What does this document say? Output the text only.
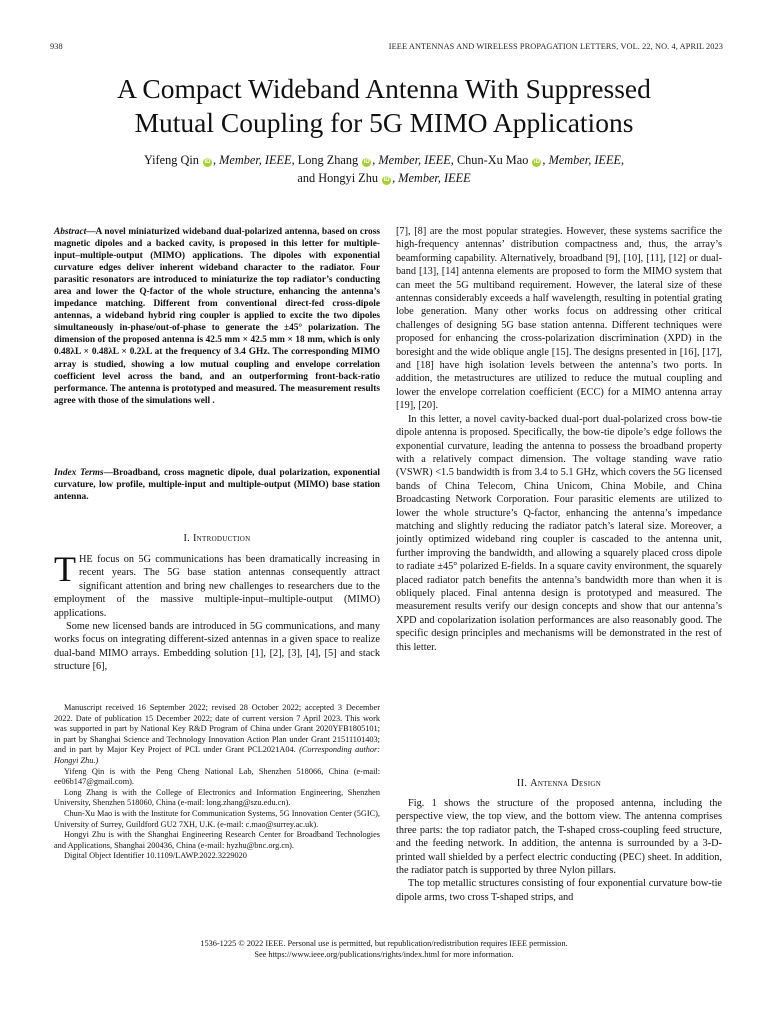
938	IEEE ANTENNAS AND WIRELESS PROPAGATION LETTERS, VOL. 22, NO. 4, APRIL 2023
A Compact Wideband Antenna With Suppressed
Mutual Coupling for 5G MIMO Applications
Yifeng Qin iD , Member, IEEE, Long Zhang iD , Member, IEEE, Chun-Xu Mao iD , Member, IEEE,
and Hongyi Zhu iD , Member, IEEE
Abstract—A novel miniaturized wideband dual-polarized antenna, based on cross magnetic dipoles and a backed cavity, is proposed in this letter for multiple-input–multiple-output (MIMO) applications. The dipoles with exponential curvature edges deliver inherent wideband character to the radiator. Four parasitic resonators are introduced to miniaturize the top radiator’s conducting area and lower the Q-factor of the whole structure, enhancing the antenna’s impedance matching. Different from conventional direct-fed cross-dipole antennas, a wideband hybrid ring coupler is applied to excite the two dipoles simultaneously in-phase/out-of-phase to generate the ±45° polarization. The dimension of the proposed antenna is 42.5 mm × 42.5 mm × 18 mm, which is only 0.48λL × 0.48λL × 0.2λL at the frequency of 3.4 GHz. The corresponding MIMO array is studied, showing a low mutual coupling and envelope correlation coefficient level across the band, and an outperforming front-back-ratio performance. The antenna is prototyped and measured. The measurement results agree with those of the simulations well .
Index Terms—Broadband, cross magnetic dipole, dual polarization, exponential curvature, low profile, multiple-input and multiple-output (MIMO) base station antenna.
I. Introduction

THE focus on 5G communications has been dramatically increasing in recent years. The 5G base station antennas consequently attract significant attention and bring new challenges to researchers due to the employment of the massive multiple-input–multiple-output (MIMO) applications.

Some new licensed bands are introduced in 5G communications, and many works focus on integrating different-sized antennas in a given space to realize dual-band MIMO arrays. Embedding solution [1], [2], [3], [4], [5] and stack structure [6],

Manuscript received 16 September 2022; revised 28 October 2022; accepted 3 December 2022. Date of publication 15 December 2022; date of current version 7 April 2023. This work was supported in part by National Key R&D Program of China under Grant 2020YFB1805101; in part by Shanghai Science and Technology Innovation Action Plan under Grant 21511101403; and in part by Major Key Project of PCL under Grant PCL2021A04. (Corresponding author: Hongyi Zhu.)

Yifeng Qin is with the Peng Cheng National Lab, Shenzhen 518066, China (e-mail: ee06b147@gmail.com).

Long Zhang is with the College of Electronics and Information Engineering, Shenzhen University, Shenzhen 518060, China (e-mail: long.zhang@szu.edu.cn).

Chun-Xu Mao is with the Institute for Communication Systems, 5G Innovation Center (5GIC), University of Surrey, Guildford GU2 7XH, U.K. (e-mail: c.mao@surrey.ac.uk).

Hongyi Zhu is with the Shanghai Engineering Research Center for Broadband Technologies and Applications, Shanghai 200436, China (e-mail: hyzhu@bnc.org.cn).

Digital Object Identifier 10.1109/LAWP.2022.3229020

[7], [8] are the most popular strategies. However, these systems sacrifice the high-frequency antennas’ distribution compactness and, thus, the array’s beamforming capability. Alternatively, broadband [9], [10], [11], [12] or dual-band [13], [14] antenna elements are proposed to form the MIMO system that can meet the 5G multiband requirement. However, the lateral size of these antennas considerably exceeds a half wavelength, resulting in potential grating lobe generation. Many other works focus on addressing other critical challenges of designing 5G base station antenna. Different techniques were proposed for enhancing the cross-polarization discrimination (XPD) in the boresight and the wide oblique angle [15]. The designs presented in [16], [17], and [18] have high isolation levels between the antenna’s two ports. In addition, the metastructures are utilized to reduce the mutual coupling and lower the envelope correlation coefficient (ECC) for a MIMO antenna array [19], [20].

In this letter, a novel cavity-backed dual-port dual-polarized cross bow-tie dipole antenna is proposed. Specifically, the bow-tie dipole’s edge follows the exponential curvature, leading the antenna to possess the broadband property with a relatively compact dimension. The voltage standing wave ratio (VSWR) <1.5 bandwidth is from 3.4 to 5.1 GHz, which covers the 5G licensed bands of China Telecom, China Unicom, China Mobile, and China Broadcasting Network Corporation. Four parasitic elements are utilized to lower the whole structure’s Q-factor, enhancing the antenna’s impedance matching and slightly reducing the radiator patch’s lateral size. Moreover, a jointly optimized wideband ring coupler is cascaded to the antenna unit, further improving the bandwidth, and allowing a squarely placed cross dipole to radiate ±45° polarized E-fields. In a square cavity environment, the squarely placed radiator patch benefits the antenna’s bandwidth more than when it is obliquely placed. Final antenna design is prototyped and measured. The measurement results verify our design concepts and show that our antenna’s XPD and copolarization isolation performances are also reasonably good. The specific design principles and mechanisms will be demonstrated in the rest of this letter.

II. Antenna Design

Fig. 1 shows the structure of the proposed antenna, including the perspective view, the top view, and the bottom view. The antenna comprises three parts: the top radiator patch, the T-shaped cross-coupling feed structure, and the feeding network. In addition, the antenna is surrounded by a 3-D-printed wall shielded by a perfect electric conducting (PEC) sheet. In addition, the radiator patch is supported by three Nylon pillars.

The top metallic structures consisting of four exponential curvature bow-tie dipole arms, two cross T-shaped strips, and

1536-1225 © 2022 IEEE. Personal use is permitted, but republication/redistribution requires IEEE permission.
See https://www.ieee.org/publications/rights/index.html for more information.
